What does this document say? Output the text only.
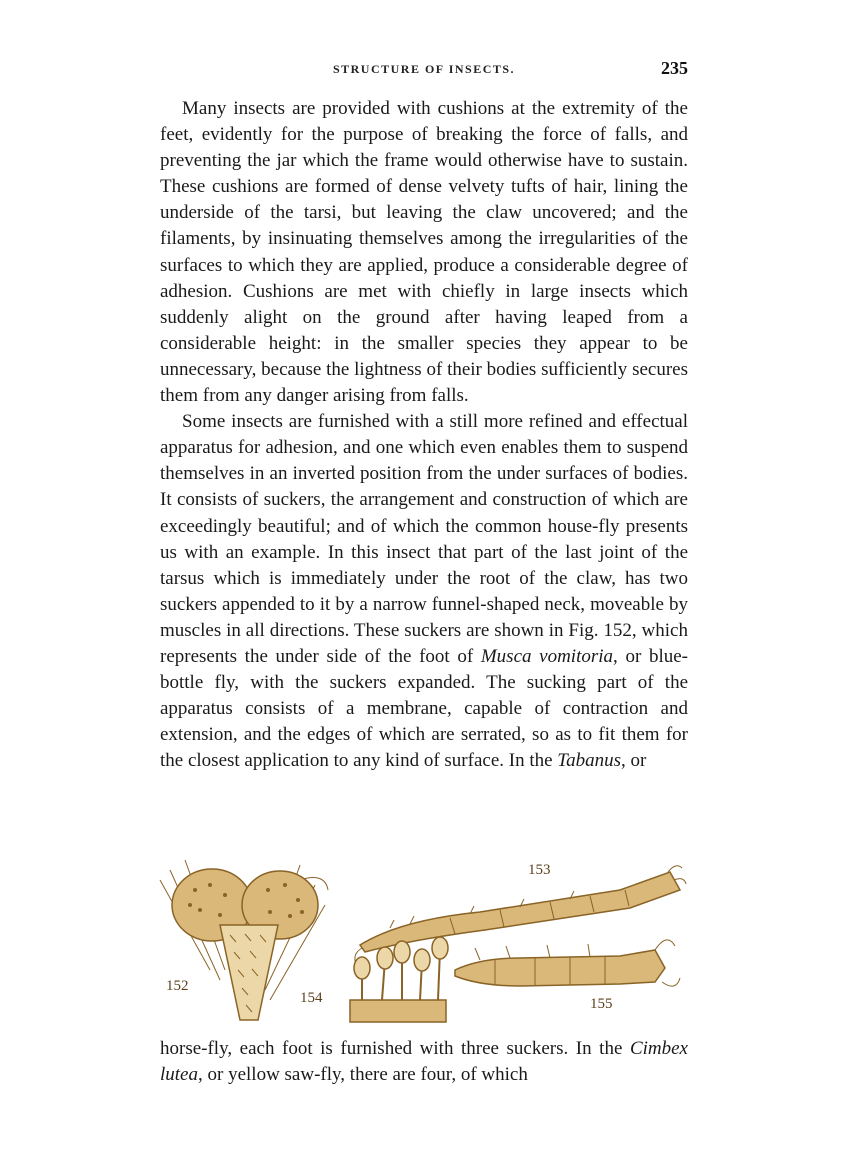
STRUCTURE OF INSECTS.	235

Many insects are provided with cushions at the extremity of the feet, evidently for the purpose of breaking the force of falls, and preventing the jar which the frame would otherwise have to sustain. These cushions are formed of dense velvety tufts of hair, lining the underside of the tarsi, but leaving the claw uncovered; and the filaments, by insinuating themselves among the irregularities of the surfaces to which they are applied, produce a considerable degree of adhesion. Cushions are met with chiefly in large insects which suddenly alight on the ground after having leaped from a considerable height: in the smaller species they appear to be unnecessary, because the lightness of their bodies sufficiently secures them from any danger arising from falls.

Some insects are furnished with a still more refined and effectual apparatus for adhesion, and one which even enables them to suspend themselves in an inverted position from the under surfaces of bodies. It consists of suckers, the arrangement and construction of which are exceedingly beautiful; and of which the common house-fly presents us with an example. In this insect that part of the last joint of the tarsus which is immediately under the root of the claw, has two suckers appended to it by a narrow funnel-shaped neck, moveable by muscles in all directions. These suckers are shown in Fig. 152, which represents the under side of the foot of Musca vomitoria, or blue-bottle fly, with the suckers expanded. The sucking part of the apparatus consists of a membrane, capable of contraction and extension, and the edges of which are serrated, so as to fit them for the closest application to any kind of surface. In the Tabanus, or

152
153
154	155

horse-fly, each foot is furnished with three suckers. In the Cimbex lutea, or yellow saw-fly, there are four, of which
